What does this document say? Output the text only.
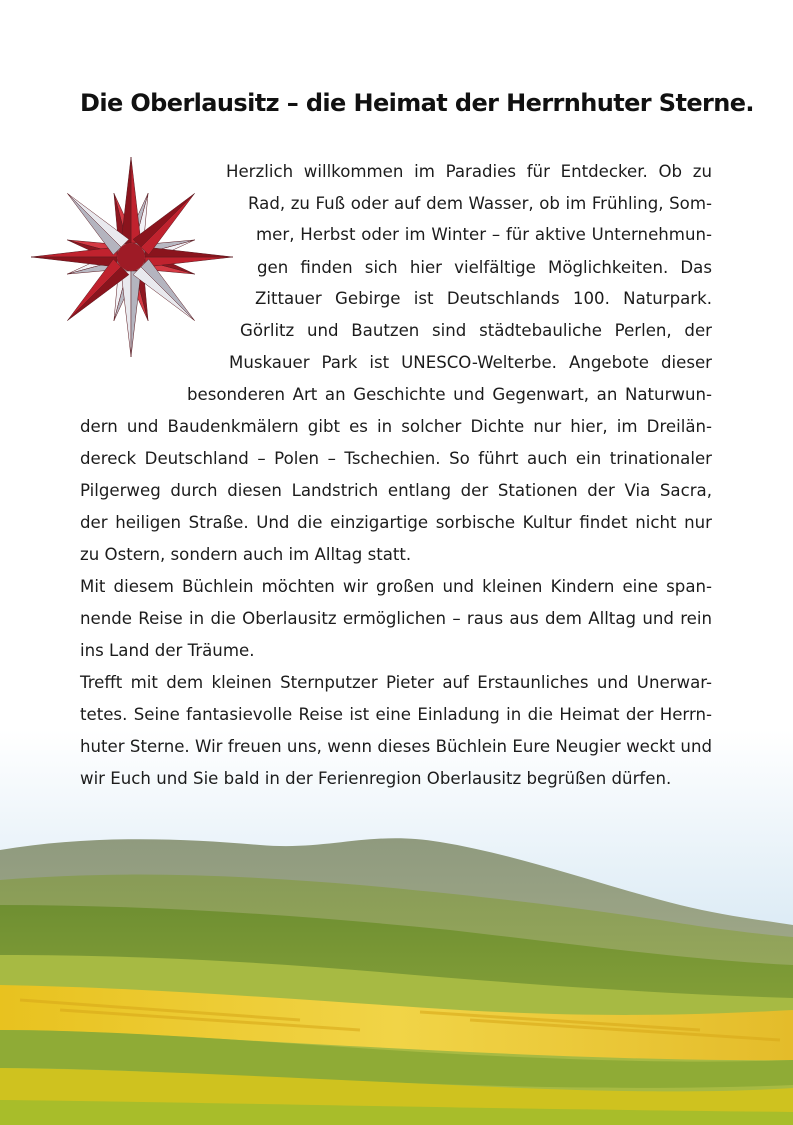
Die Oberlausitz – die Heimat der Herrnhuter Sterne.
Herzlich willkommen im Paradies für Entdecker. Ob zu
Rad, zu Fuß oder auf dem Wasser, ob im Frühling, Som-
mer, Herbst oder im Winter – für aktive Unternehmun-
gen finden sich hier vielfältige Möglichkeiten. Das
Zittauer Gebirge ist Deutschlands 100. Naturpark.
Görlitz und Bautzen sind städtebauliche Perlen, der
Muskauer Park ist UNESCO-Welterbe. Angebote dieser
besonderen Art an Geschichte und Gegenwart, an Naturwun-
dern und Baudenkmälern gibt es in solcher Dichte nur hier, im Dreilän-
dereck Deutschland – Polen – Tschechien. So führt auch ein trinationaler
Pilgerweg durch diesen Landstrich entlang der Stationen der Via Sacra,
der heiligen Straße. Und die einzigartige sorbische Kultur findet nicht nur
zu Ostern, sondern auch im Alltag statt.
Mit diesem Büchlein möchten wir großen und kleinen Kindern eine span-
nende Reise in die Oberlausitz ermöglichen – raus aus dem Alltag und rein
ins Land der Träume.
Trefft mit dem kleinen Sternputzer Pieter auf Erstaunliches und Unerwar-
tetes. Seine fantasievolle Reise ist eine Einladung in die Heimat der Herrn-
huter Sterne. Wir freuen uns, wenn dieses Büchlein Eure Neugier weckt und
wir Euch und Sie bald in der Ferienregion Oberlausitz begrüßen dürfen.
